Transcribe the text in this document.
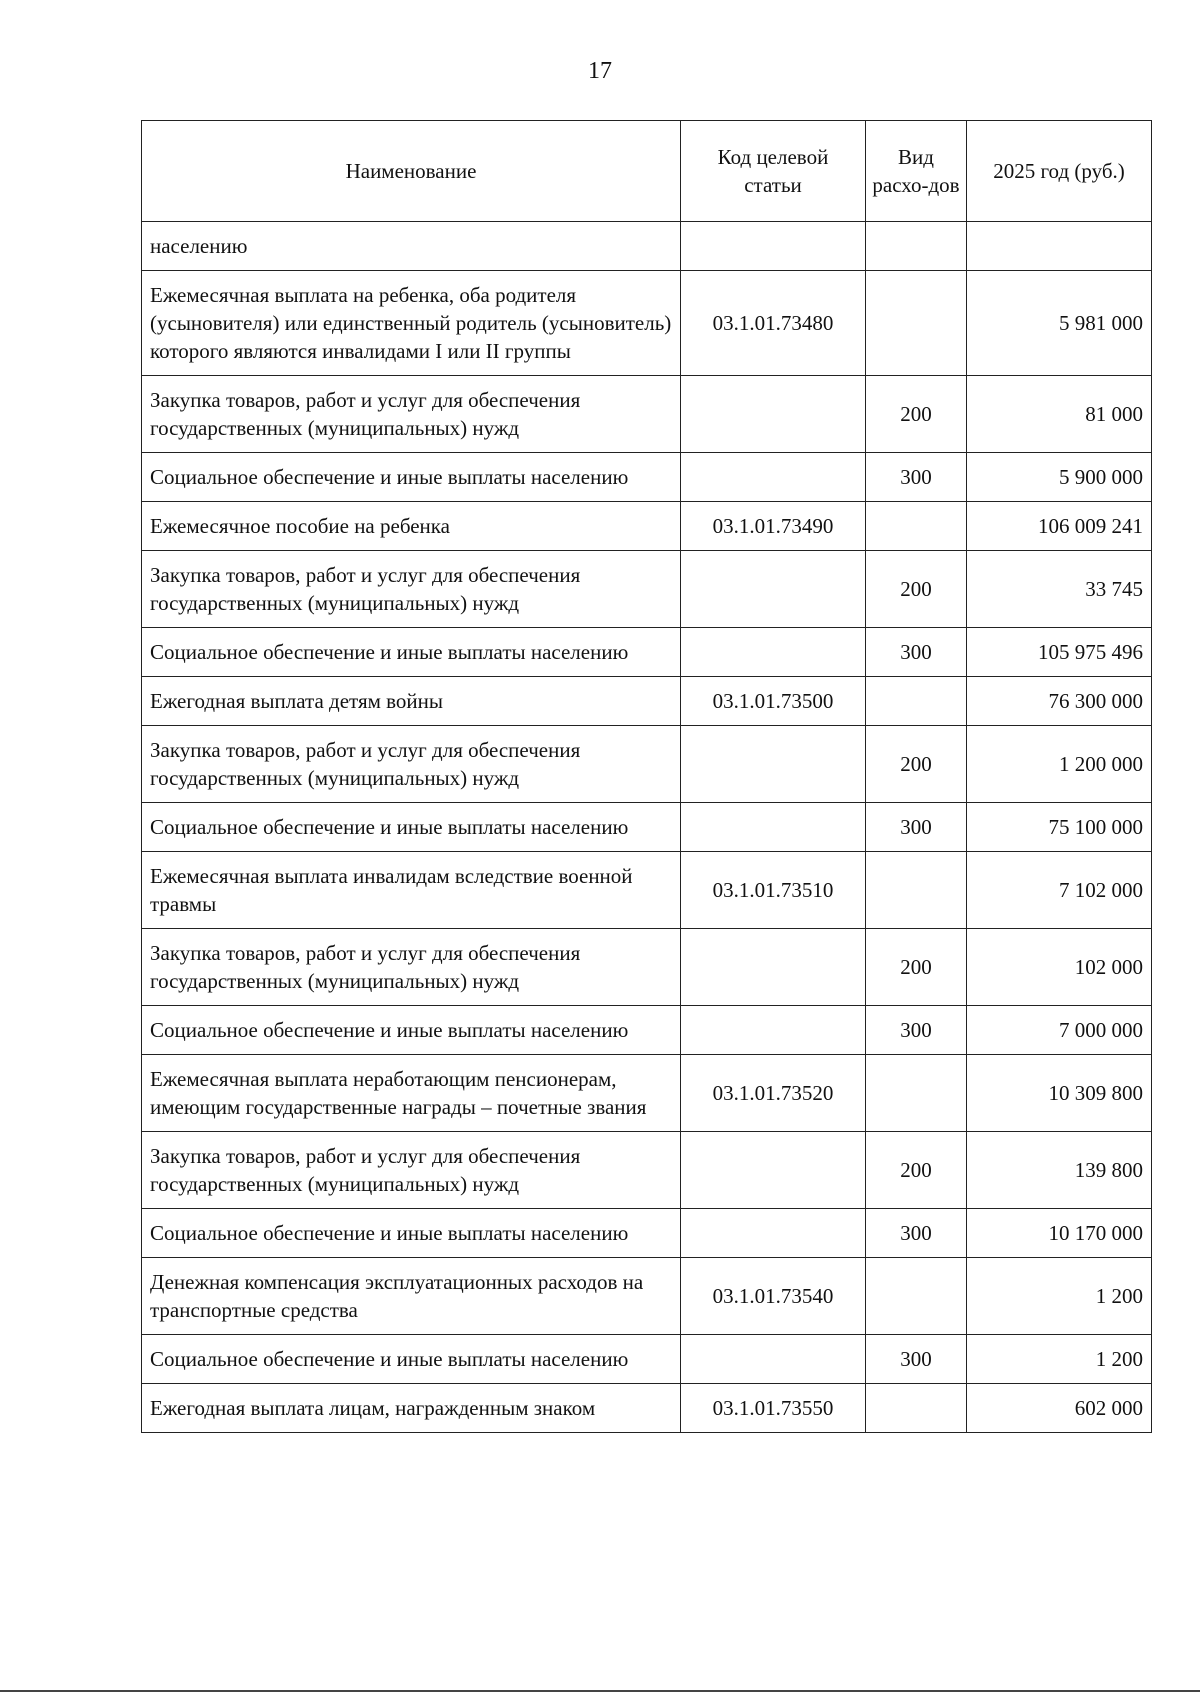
17
Наименование	Код целевой статьи	Вид расхо-дов	2025 год (руб.)
населению			
Ежемесячная выплата на ребенка, оба родителя (усыновителя) или единственный родитель (усыновитель) которого являются инвалидами I или II группы	03.1.01.73480		5 981 000
Закупка товаров, работ и услуг для обеспечения государственных (муниципальных) нужд		200	81 000
Социальное обеспечение и иные выплаты населению		300	5 900 000
Ежемесячное пособие на ребенка	03.1.01.73490		106 009 241
Закупка товаров, работ и услуг для обеспечения государственных (муниципальных) нужд		200	33 745
Социальное обеспечение и иные выплаты населению		300	105 975 496
Ежегодная выплата детям войны	03.1.01.73500		76 300 000
Закупка товаров, работ и услуг для обеспечения государственных (муниципальных) нужд		200	1 200 000
Социальное обеспечение и иные выплаты населению		300	75 100 000
Ежемесячная выплата инвалидам вследствие военной травмы	03.1.01.73510		7 102 000
Закупка товаров, работ и услуг для обеспечения государственных (муниципальных) нужд		200	102 000
Социальное обеспечение и иные выплаты населению		300	7 000 000
Ежемесячная выплата неработающим пенсионерам, имеющим государственные награды – почетные звания	03.1.01.73520		10 309 800
Закупка товаров, работ и услуг для обеспечения государственных (муниципальных) нужд		200	139 800
Социальное обеспечение и иные выплаты населению		300	10 170 000
Денежная компенсация эксплуатационных расходов на транспортные средства	03.1.01.73540		1 200
Социальное обеспечение и иные выплаты населению		300	1 200
Ежегодная выплата лицам, награжденным знаком	03.1.01.73550		602 000
